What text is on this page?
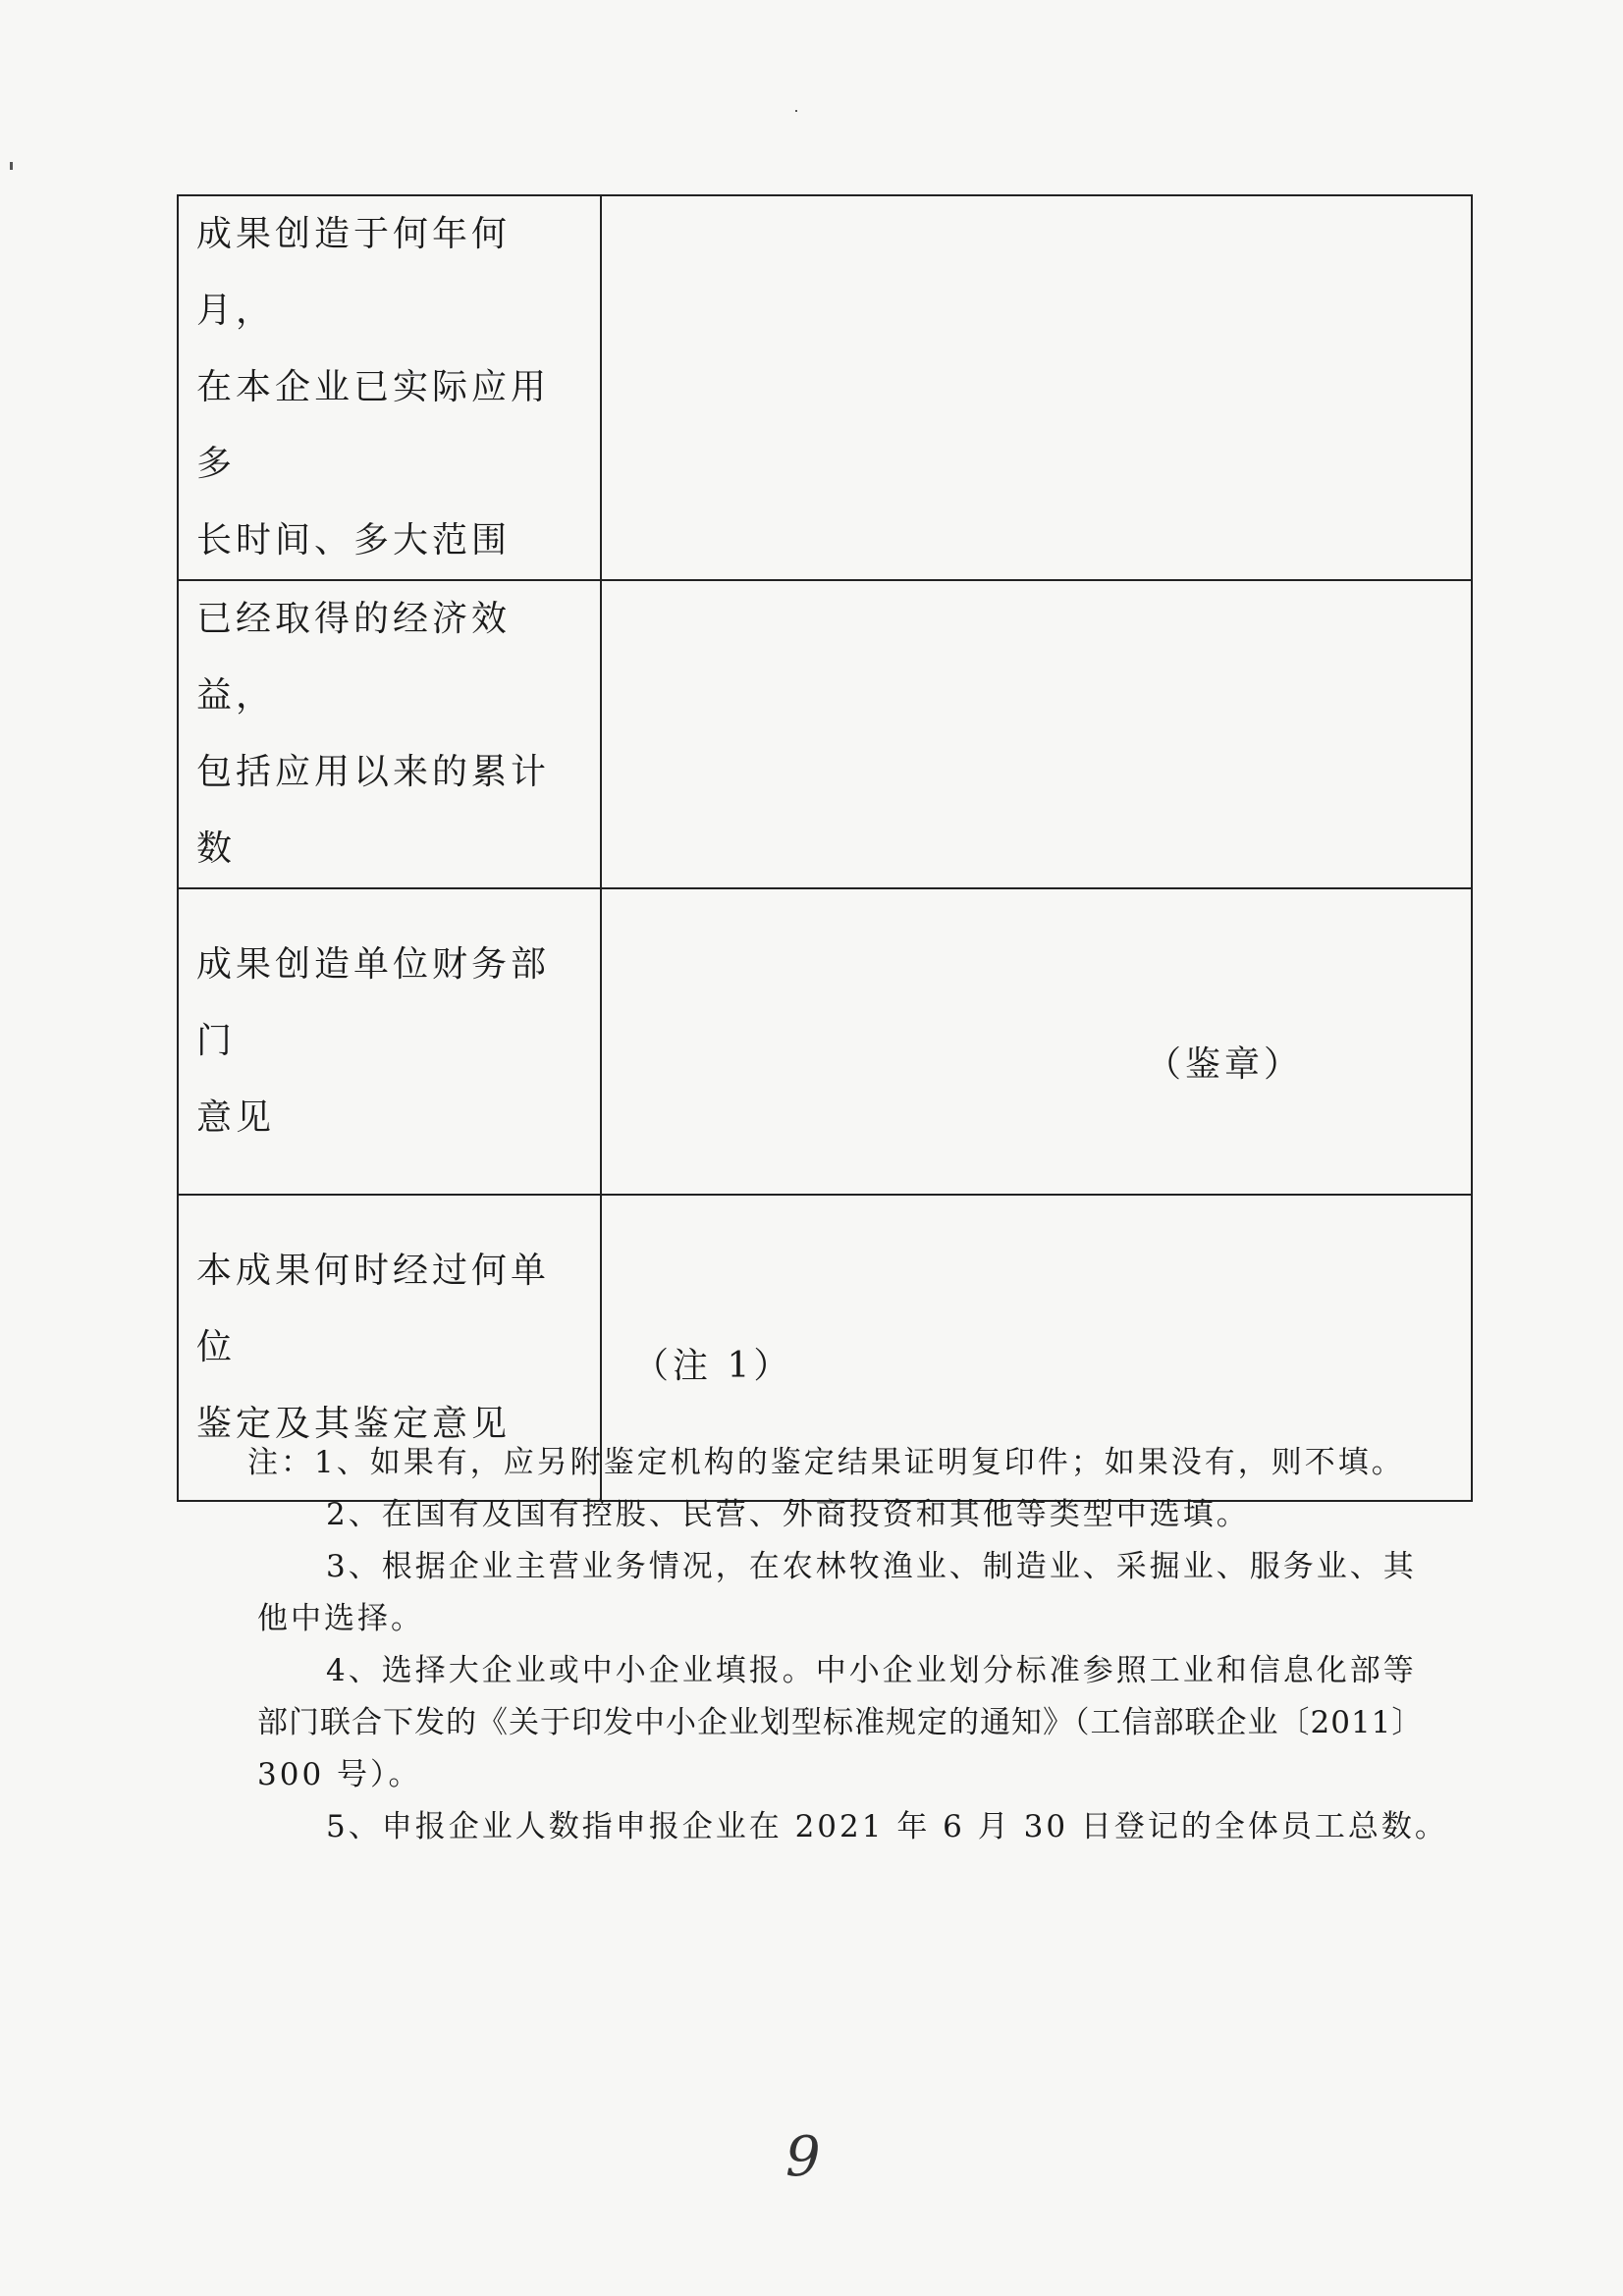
成果创造于何年何月，
在本企业已实际应用多
长时间、多大范围	

已经取得的经济效益，
包括应用以来的累计数	

成果创造单位财务部门
意见	（鉴章）

本成果何时经过何单位
鉴定及其鉴定意见	（注 1）
注：1、如果有，应另附鉴定机构的鉴定结果证明复印件；如果没有，则不填。
2、在国有及国有控股、民营、外商投资和其他等类型中选填。
3、根据企业主营业务情况，在农林牧渔业、制造业、采掘业、服务业、其
他中选择。
4、选择大企业或中小企业填报。中小企业划分标准参照工业和信息化部等
部门联合下发的《关于印发中小企业划型标准规定的通知》（工信部联企业〔2011〕
300 号）。
5、申报企业人数指申报企业在 2021 年 6 月 30 日登记的全体员工总数。
9
